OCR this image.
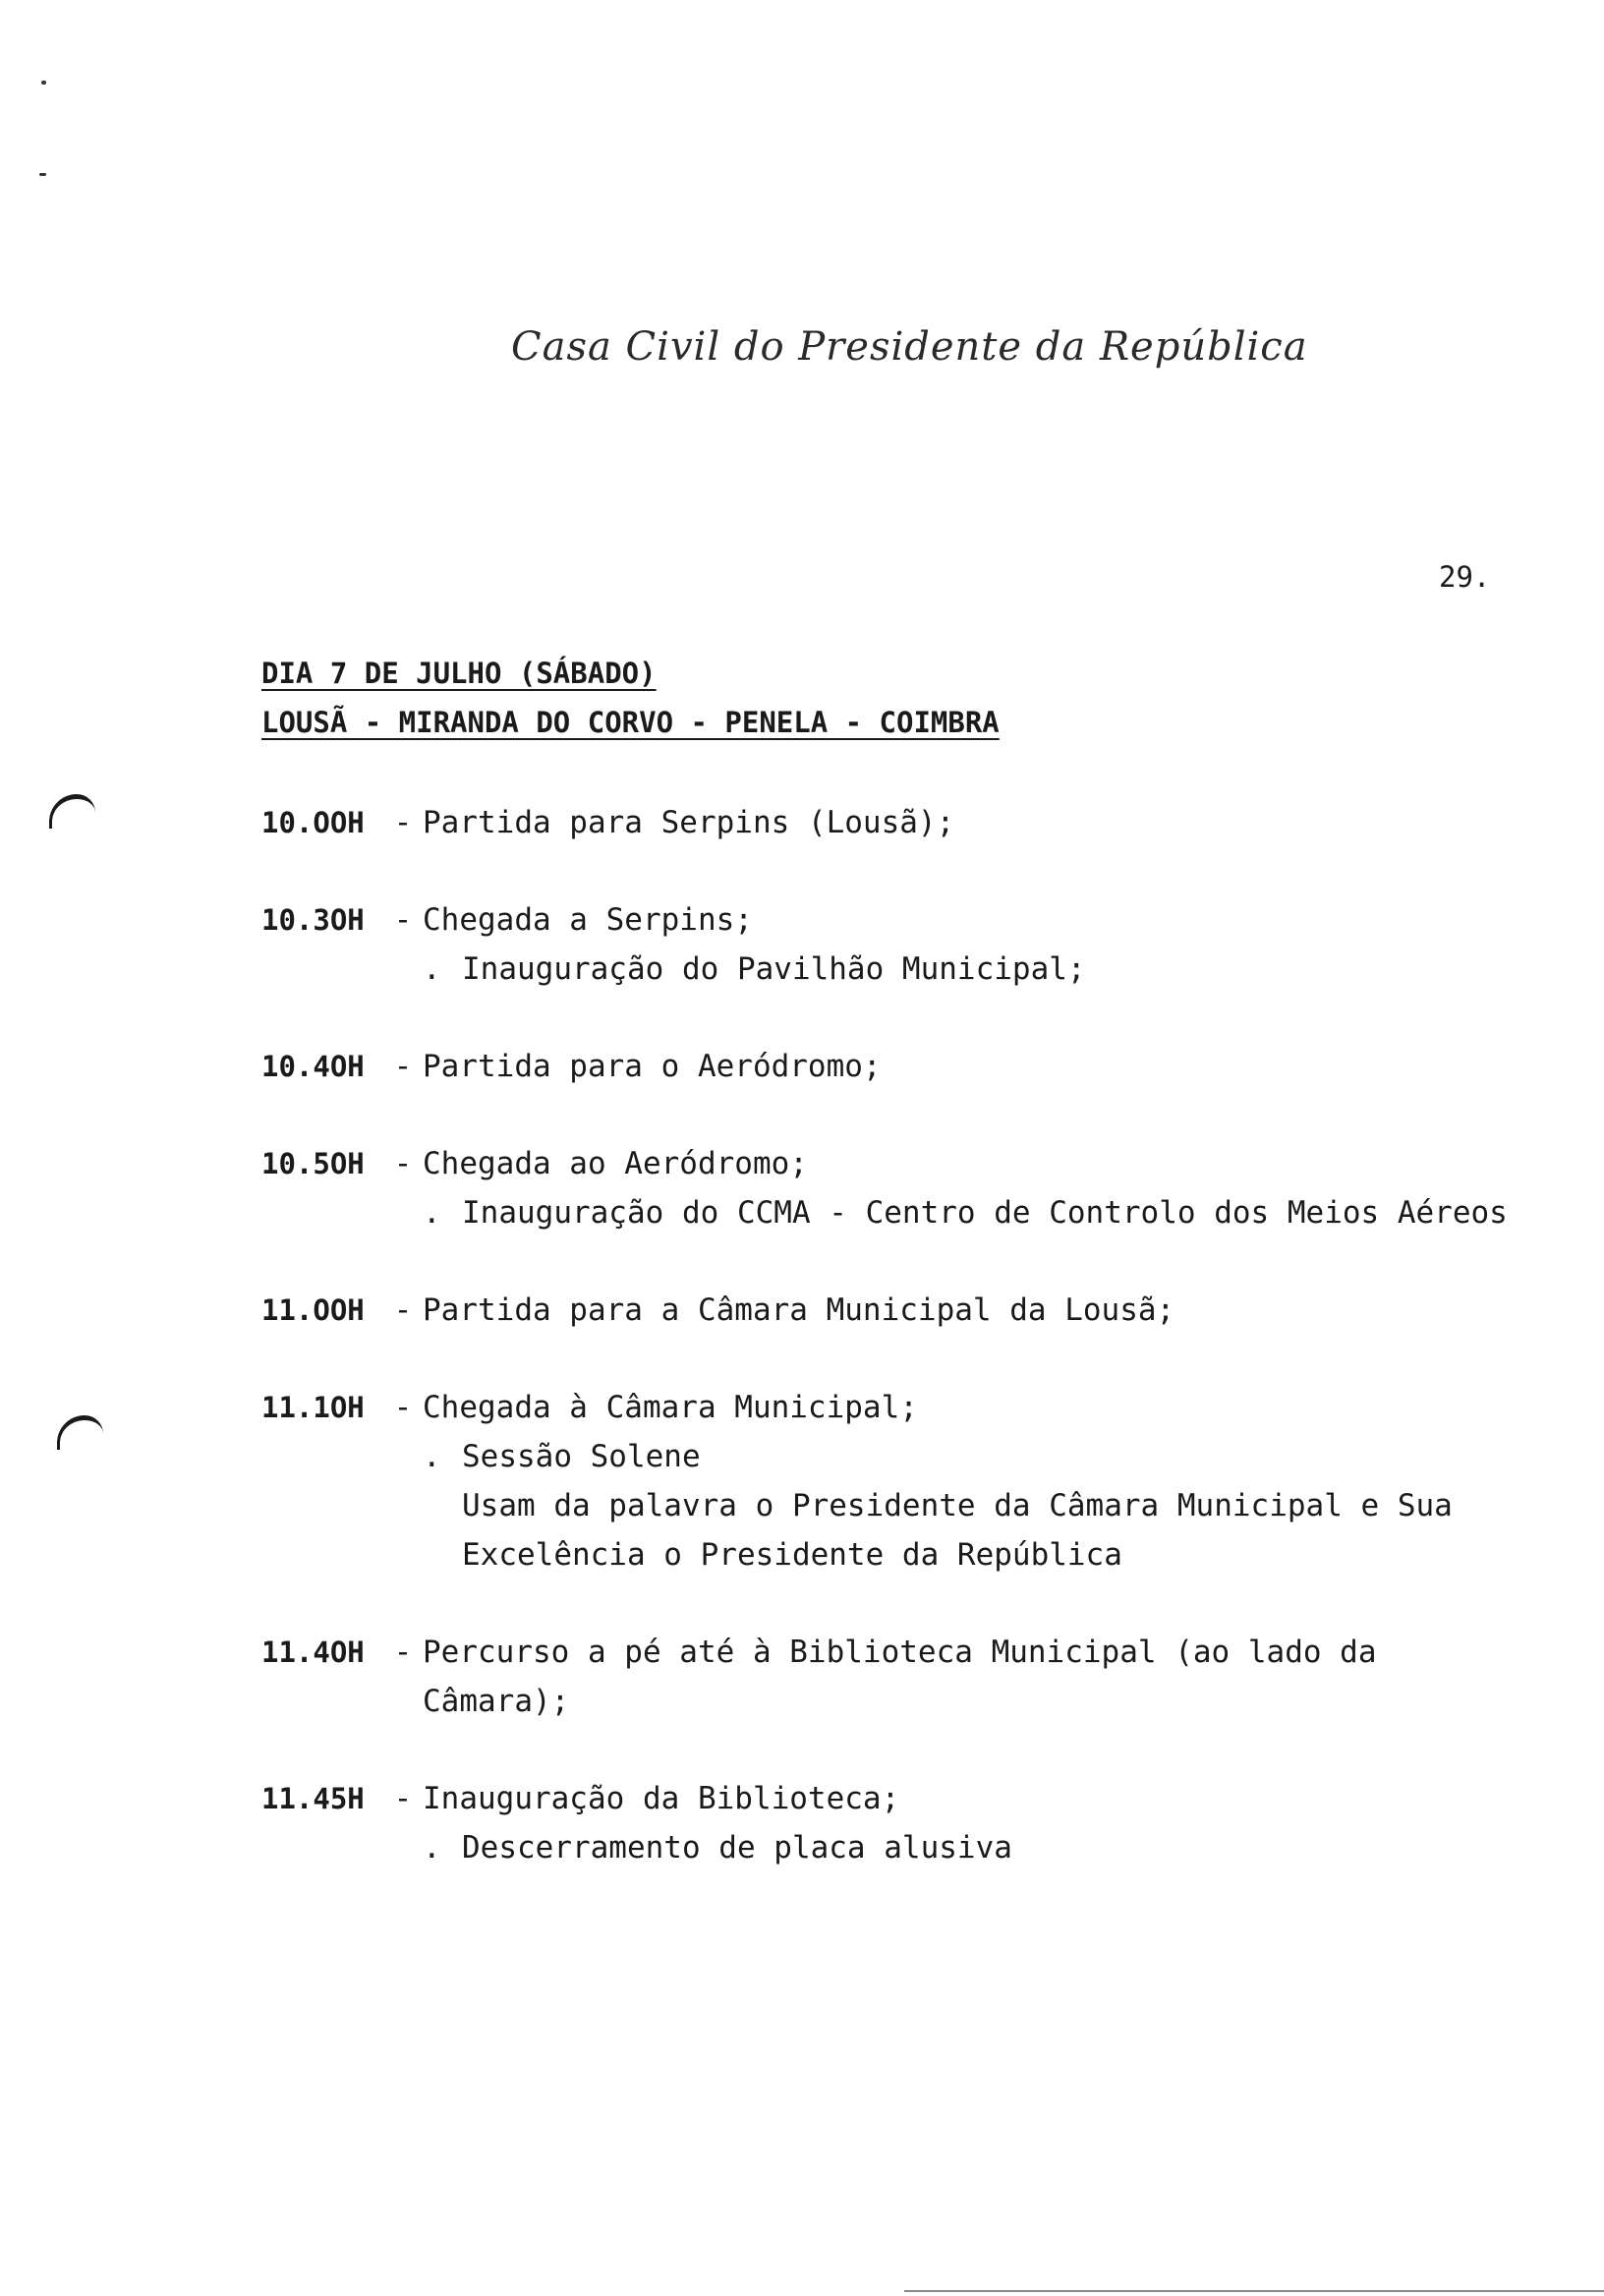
Casa Civil do Presidente da República
29.
DIA 7 DE JULHO (SÁBADO)
LOUSÃ - MIRANDA DO CORVO - PENELA - COIMBRA
10.OOH - Partida para Serpins (Lousã);
10.3OH - Chegada a Serpins;
. Inauguração do Pavilhão Municipal;
10.4OH - Partida para o Aeródromo;
10.5OH - Chegada ao Aeródromo;
. Inauguração do CCMA - Centro de Controlo dos Meios Aéreos
11.OOH - Partida para a Câmara Municipal da Lousã;
11.1OH - Chegada à Câmara Municipal;
. Sessão Solene
Usam da palavra o Presidente da Câmara Municipal e Sua Excelência o Presidente da República
11.4OH - Percurso a pé até à Biblioteca Municipal (ao lado da Câmara);
11.45H - Inauguração da Biblioteca;
. Descerramento de placa alusiva
